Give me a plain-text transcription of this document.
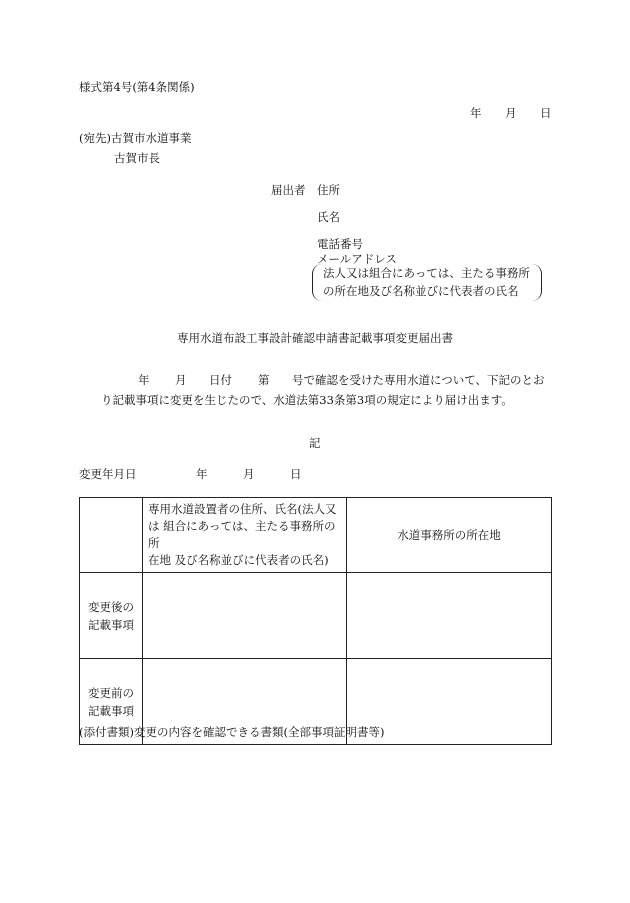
様式第4号(第4条関係)
年 月 日
(宛先)古賀市水道事業
古賀市長
届出者 住所
氏名
電話番号
メールアドレス
法人又は組合にあっては、主たる事務所
の所在地及び名称並びに代表者の氏名
専用水道布設工事設計確認申請書記載事項変更届出書
年 月 日付 第 号で確認を受けた専用水道について、下記のとお
り記載事項に変更を生じたので、水道法第33条第3項の規定により届け出ます。
記
変更年月日	年	月	日

	専用水道設置者の住所、氏名(法人又
は 組合にあっては、主たる事務所の所
在地 及び名称並びに代表者の氏名)	水道事務所の所在地

変更後の
記載事項		

変更前の
記載事項		

(添付書類)変更の内容を確認できる書類(全部事項証明書等)
